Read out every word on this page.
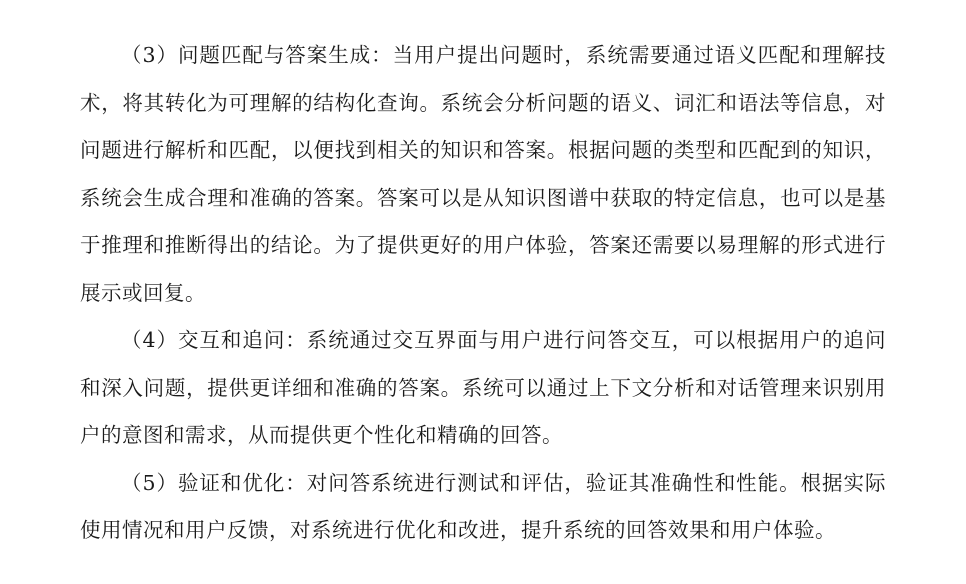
（3）问题匹配与答案生成：当用户提出问题时，系统需要通过语义匹配和理解技术，将其转化为可理解的结构化查询。系统会分析问题的语义、词汇和语法等信息，对问题进行解析和匹配，以便找到相关的知识和答案。根据问题的类型和匹配到的知识，系统会生成合理和准确的答案。答案可以是从知识图谱中获取的特定信息，也可以是基于推理和推断得出的结论。为了提供更好的用户体验，答案还需要以易理解的形式进行展示或回复。

（4）交互和追问：系统通过交互界面与用户进行问答交互，可以根据用户的追问和深入问题，提供更详细和准确的答案。系统可以通过上下文分析和对话管理来识别用户的意图和需求，从而提供更个性化和精确的回答。

（5）验证和优化：对问答系统进行测试和评估，验证其准确性和性能。根据实际使用情况和用户反馈，对系统进行优化和改进，提升系统的回答效果和用户体验。
